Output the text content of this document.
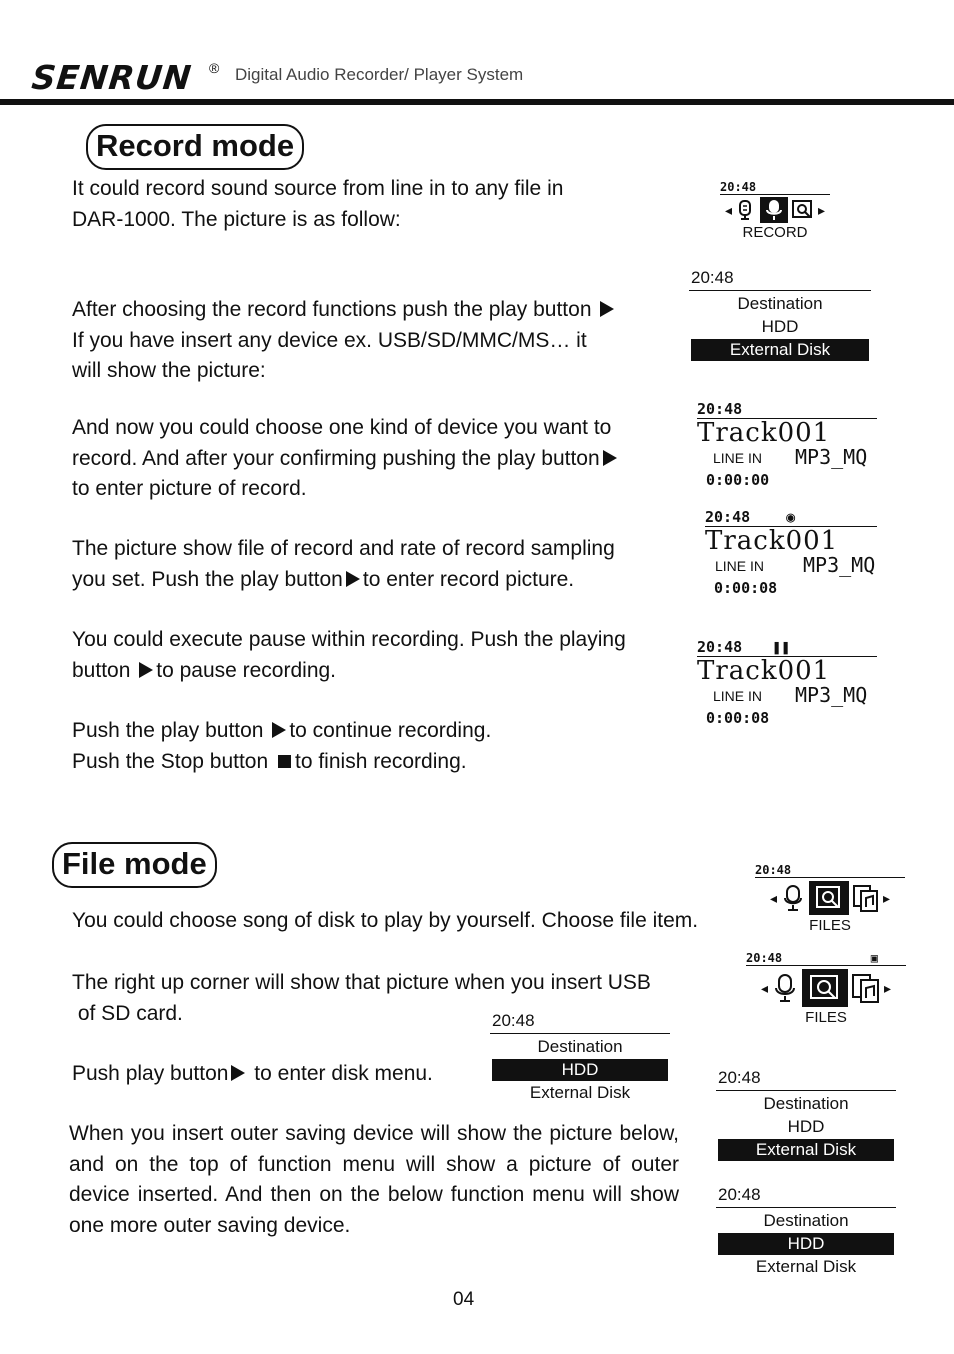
SENRUN ® Digital Audio Recorder/ Player System
Record mode

It could record sound source from line in to any file in

DAR-1000. The picture is as follow:

After choosing the record functions push the play button

If you have insert any device ex. USB/SD/MMC/MS… it

will show the picture:

And now you could choose one kind of device you want to

record. And after your confirming pushing the play button

to enter picture of record.

The picture show file of record and rate of record sampling

you set. Push the play button to enter record picture.

You could execute pause within recording. Push the playing

button to pause recording.

Push the play button to continue recording.

Push the Stop button to finish recording.

20:48
◂	▸
RECORD
20:48
Destination
HDD
External Disk
20:48
Track001
LINE IN MP3_MQ
0:00:00
20:48 ◉
Track001
LINE IN MP3_MQ
0:00:08
20:48 ❚❚
Track001
LINE IN MP3_MQ
0:00:08
File mode

You could choose song of disk to play by yourself. Choose file item.

The right up corner will show that picture when you insert USB

of SD card.

Push play button to enter disk menu.

When you insert outer saving device will show the picture below, and on the top of function menu will show a picture of outer device inserted. And then on the below function menu will show one more outer saving device.

20:48
◂	▸
FILES
20:48	▣
◂	▸
FILES
20:48
Destination
HDD
External Disk
20:48
Destination
HDD
External Disk
20:48
Destination
HDD
External Disk
04
